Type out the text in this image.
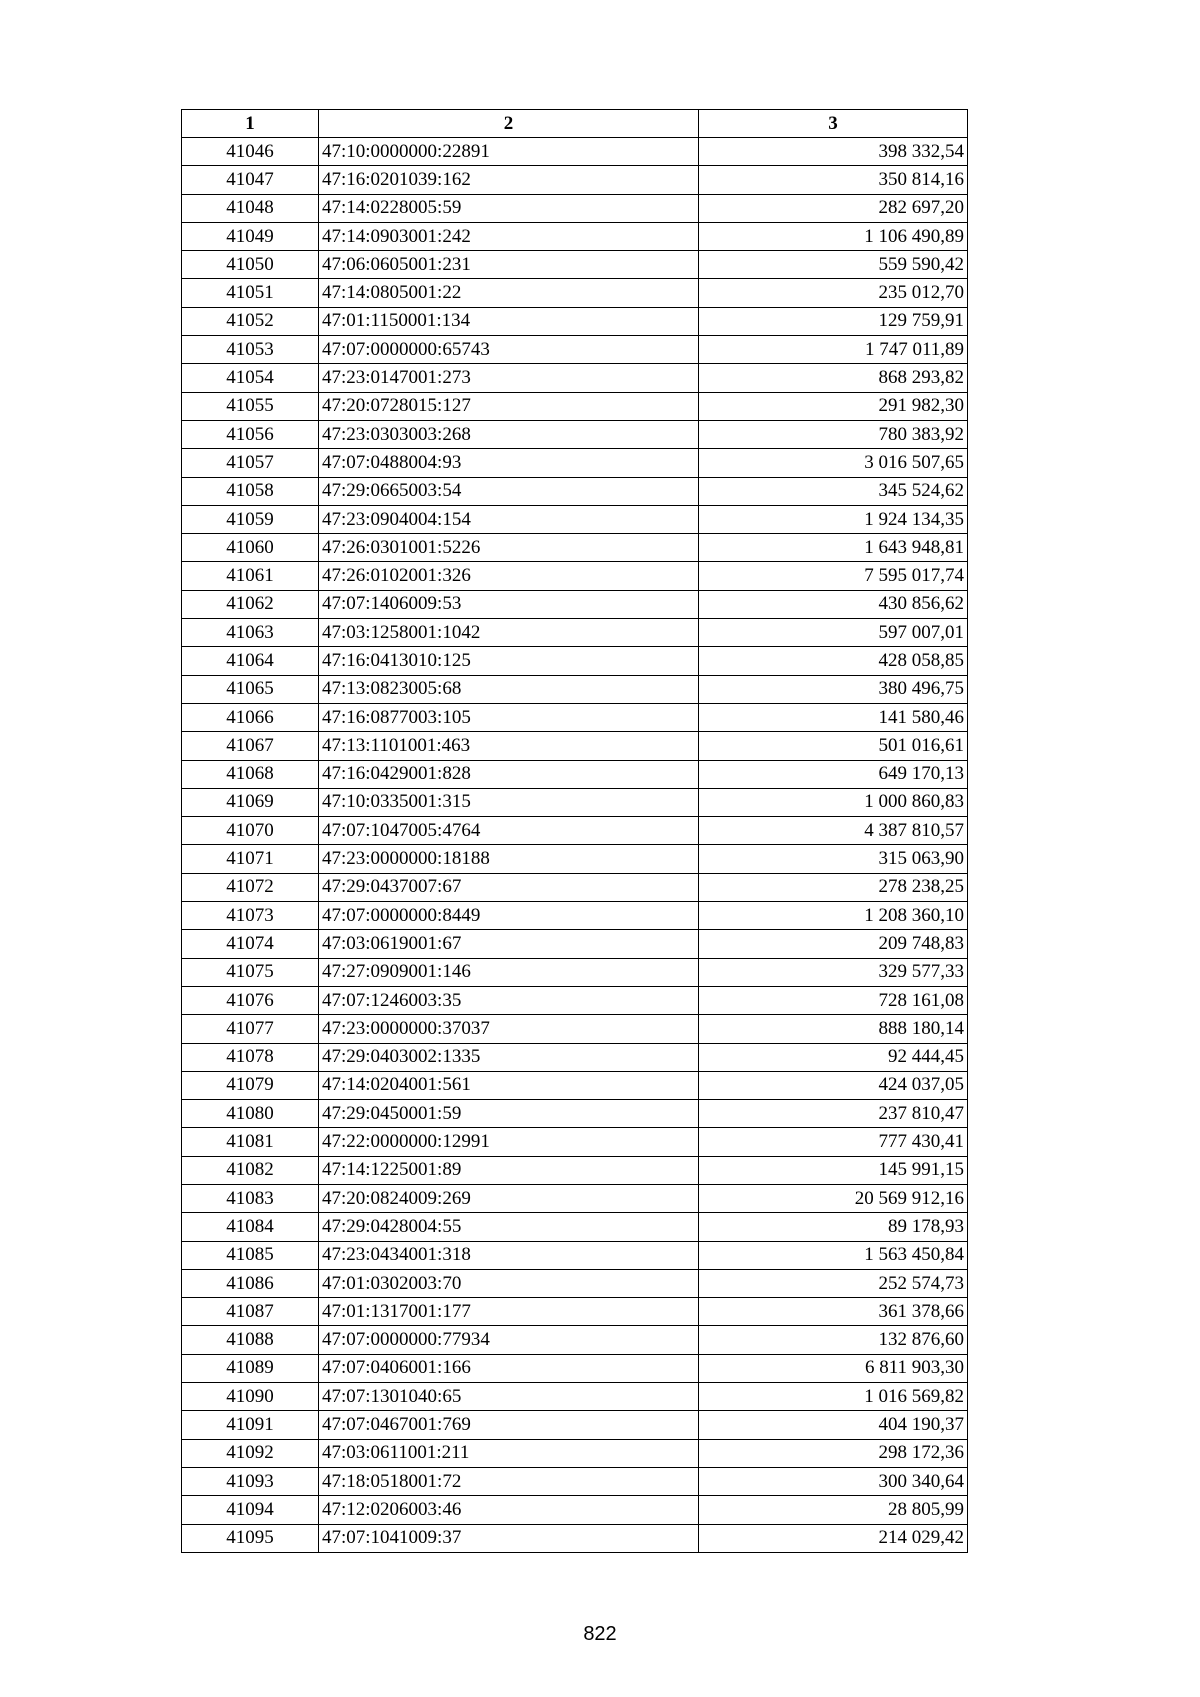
1	2	3
41046	47:10:0000000:22891	398 332,54
41047	47:16:0201039:162	350 814,16
41048	47:14:0228005:59	282 697,20
41049	47:14:0903001:242	1 106 490,89
41050	47:06:0605001:231	559 590,42
41051	47:14:0805001:22	235 012,70
41052	47:01:1150001:134	129 759,91
41053	47:07:0000000:65743	1 747 011,89
41054	47:23:0147001:273	868 293,82
41055	47:20:0728015:127	291 982,30
41056	47:23:0303003:268	780 383,92
41057	47:07:0488004:93	3 016 507,65
41058	47:29:0665003:54	345 524,62
41059	47:23:0904004:154	1 924 134,35
41060	47:26:0301001:5226	1 643 948,81
41061	47:26:0102001:326	7 595 017,74
41062	47:07:1406009:53	430 856,62
41063	47:03:1258001:1042	597 007,01
41064	47:16:0413010:125	428 058,85
41065	47:13:0823005:68	380 496,75
41066	47:16:0877003:105	141 580,46
41067	47:13:1101001:463	501 016,61
41068	47:16:0429001:828	649 170,13
41069	47:10:0335001:315	1 000 860,83
41070	47:07:1047005:4764	4 387 810,57
41071	47:23:0000000:18188	315 063,90
41072	47:29:0437007:67	278 238,25
41073	47:07:0000000:8449	1 208 360,10
41074	47:03:0619001:67	209 748,83
41075	47:27:0909001:146	329 577,33
41076	47:07:1246003:35	728 161,08
41077	47:23:0000000:37037	888 180,14
41078	47:29:0403002:1335	92 444,45
41079	47:14:0204001:561	424 037,05
41080	47:29:0450001:59	237 810,47
41081	47:22:0000000:12991	777 430,41
41082	47:14:1225001:89	145 991,15
41083	47:20:0824009:269	20 569 912,16
41084	47:29:0428004:55	89 178,93
41085	47:23:0434001:318	1 563 450,84
41086	47:01:0302003:70	252 574,73
41087	47:01:1317001:177	361 378,66
41088	47:07:0000000:77934	132 876,60
41089	47:07:0406001:166	6 811 903,30
41090	47:07:1301040:65	1 016 569,82
41091	47:07:0467001:769	404 190,37
41092	47:03:0611001:211	298 172,36
41093	47:18:0518001:72	300 340,64
41094	47:12:0206003:46	28 805,99
41095	47:07:1041009:37	214 029,42
822
